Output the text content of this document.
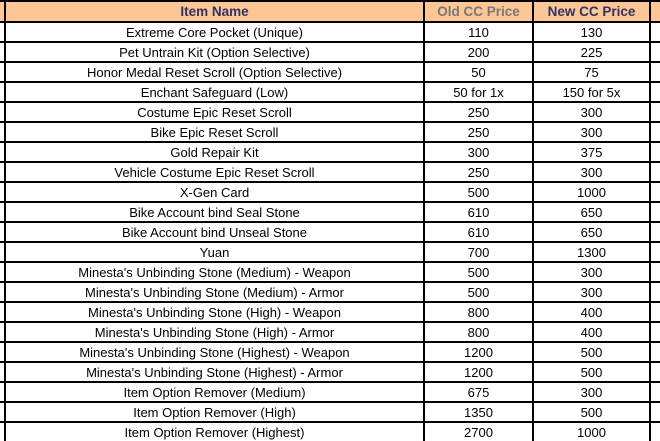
	Item Name	Old CC Price	New CC Price	
	Extreme Core Pocket (Unique)	110	130	
	Pet Untrain Kit (Option Selective)	200	225	
	Honor Medal Reset Scroll (Option Selective)	50	75	
	Enchant Safeguard (Low)	50 for 1x	150 for 5x	
	Costume Epic Reset Scroll	250	300	
	Bike Epic Reset Scroll	250	300	
	Gold Repair Kit	300	375	
	Vehicle Costume Epic Reset Scroll	250	300	
	X-Gen Card	500	1000	
	Bike Account bind Seal Stone	610	650	
	Bike Account bind Unseal Stone	610	650	
	Yuan	700	1300	
	Minesta's Unbinding Stone (Medium) - Weapon	500	300	
	Minesta's Unbinding Stone (Medium) - Armor	500	300	
	Minesta's Unbinding Stone (High) - Weapon	800	400	
	Minesta's Unbinding Stone (High) - Armor	800	400	
	Minesta's Unbinding Stone (Highest) - Weapon	1200	500	
	Minesta's Unbinding Stone (Highest) - Armor	1200	500	
	Item Option Remover (Medium)	675	300	
	Item Option Remover (High)	1350	500	
	Item Option Remover (Highest)	2700	1000	
